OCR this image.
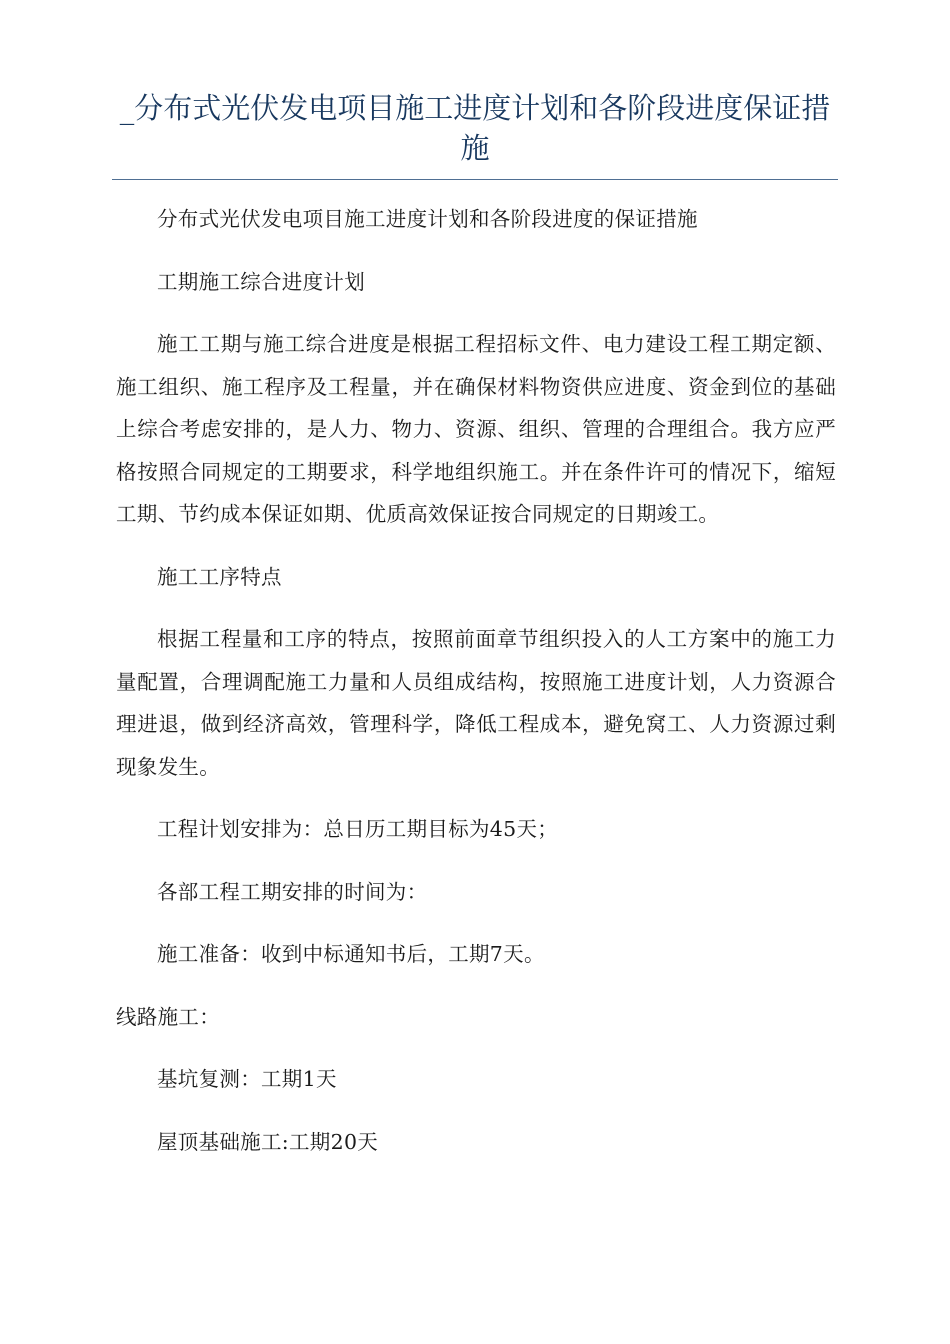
_分布式光伏发电项目施工进度计划和各阶段进度保证措施

分布式光伏发电项目施工进度计划和各阶段进度的保证措施

工期施工综合进度计划

施工工期与施工综合进度是根据工程招标文件、电力建设工程工期定额、施工组织、施工程序及工程量，并在确保材料物资供应进度、资金到位的基础上综合考虑安排的，是人力、物力、资源、组织、管理的合理组合。我方应严格按照合同规定的工期要求，科学地组织施工。并在条件许可的情况下，缩短工期、节约成本保证如期、优质高效保证按合同规定的日期竣工。

施工工序特点

根据工程量和工序的特点，按照前面章节组织投入的人工方案中的施工力量配置，合理调配施工力量和人员组成结构，按照施工进度计划，人力资源合理进退，做到经济高效，管理科学，降低工程成本，避免窝工、人力资源过剩现象发生。

工程计划安排为：总日历工期目标为45天；

各部工程工期安排的时间为：

施工准备：收到中标通知书后，工期7天。

线路施工：

基坑复测：工期1天

屋顶基础施工:工期20天
